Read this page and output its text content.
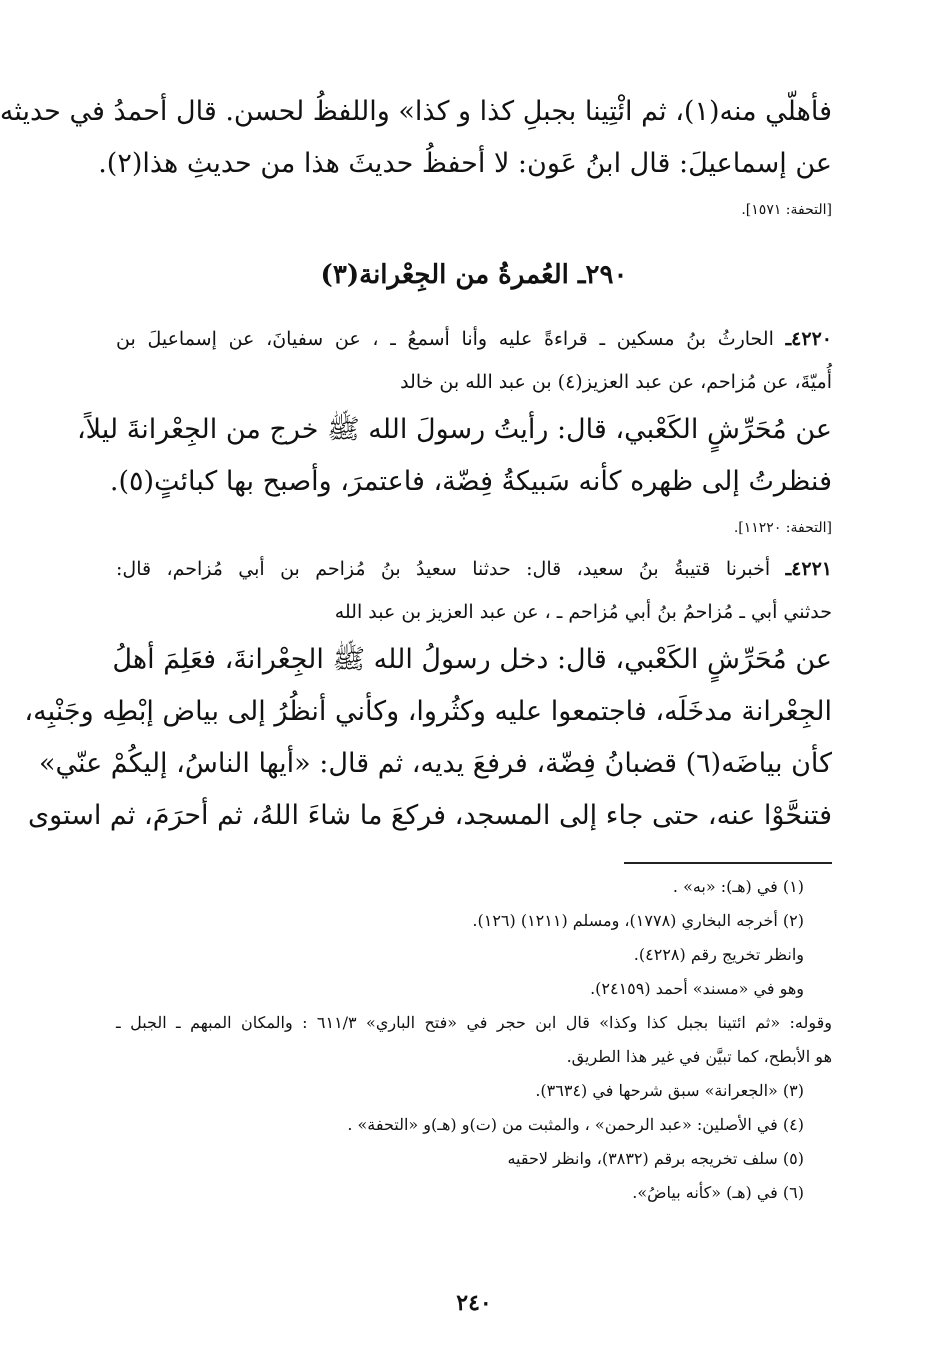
فأهلّي منه(١)، ثم ائْتِينا بجبلِ كذا و كذا» واللفظُ لحسن. قال أحمدُ في حديثه
عن إسماعيلَ: قال ابنُ عَون: لا أحفظُ حديثَ هذا من حديثِ هذا(٢).
[التحفة: ١٥٧١].
٢٩٠ـ العُمرةُ من الجِعْرانة(٣)
٤٢٢٠ـ الحارثُ بنُ مسكين ـ قراءةً عليه وأنا أسمعُ ـ ، عن سفيانَ، عن إسماعيلَ بن
أُميّةَ، عن مُزاحم، عن عبد العزيز(٤) بن عبد الله بن خالد
عن مُحَرِّشٍ الكَعْبي، قال: رأيتُ رسولَ الله ﷺ خرج من الجِعْرانةَ ليلاً،
فنظرتُ إلى ظهره كأنه سَبيكةُ فِضّة، فاعتمرَ، وأصبح بها كبائتٍ(٥).
[التحفة: ١١٢٢٠].
٤٢٢١ـ أخبرنا قتيبةُ بنُ سعيد، قال: حدثنا سعيدُ بنُ مُزاحم بن أبي مُزاحم، قال:
حدثني أبي ـ مُزاحمُ بنُ أبي مُزاحم ـ ، عن عبد العزيز بن عبد الله
عن مُحَرِّشٍ الكَعْبي، قال: دخل رسولُ الله ﷺ الجِعْرانةَ، فعَلِمَ أهلُ
الجِعْرانة مدخَلَه، فاجتمعوا عليه وكثُروا، وكأني أنظُرُ إلى بياض إبْطِه وجَنْبِه،
كأن بياضَه(٦) قضبانُ فِضّة، فرفعَ يديه، ثم قال: «أيها الناسُ، إليكُمْ عنّي»
فتنحَّوْا عنه، حتى جاء إلى المسجد، فركعَ ما شاءَ اللهُ، ثم أحرَمَ، ثم استوى
(١) في (هـ): «به» .
(٢) أخرجه البخاري (١٧٧٨)، ومسلم (١٢١١) (١٢٦).
وانظر تخريج رقم (٤٢٢٨).
وهو في «مسند» أحمد (٢٤١٥٩).
وقوله: «ثم ائتينا بجبل كذا وكذا» قال ابن حجر في «فتح الباري» ٦١١/٣ : والمكان المبهم ـ الجبل ـ
هو الأبطح، كما تبيَّن في غير هذا الطريق.
(٣) «الجعرانة» سبق شرحها في (٣٦٣٤).
(٤) في الأصلين: «عبد الرحمن» ، والمثبت من (ت)و (هـ)و «التحفة» .
(٥) سلف تخريجه برقم (٣٨٣٢)، وانظر لاحقيه
(٦) في (هـ) «كأنه بياضُ».
٢٤٠
